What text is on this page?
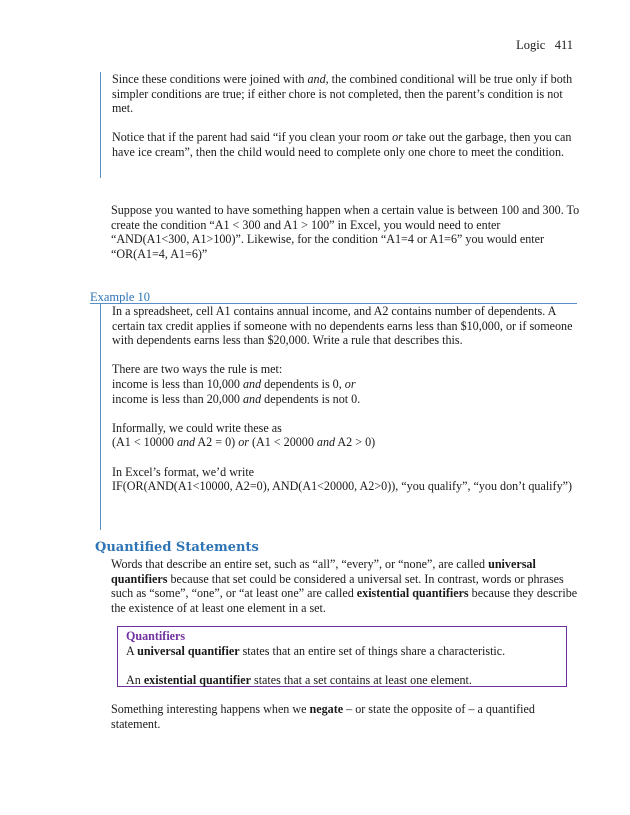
Logic 411

Since these conditions were joined with and, the combined conditional will be true only if both simpler conditions are true; if either chore is not completed, then the parent’s condition is not met.

Notice that if the parent had said “if you clean your room or take out the garbage, then you can have ice cream”, then the child would need to complete only one chore to meet the condition.

Suppose you wanted to have something happen when a certain value is between 100 and 300. To create the condition “A1 < 300 and A1 > 100” in Excel, you would need to enter “AND(A1<300, A1>100)”. Likewise, for the condition “A1=4 or A1=6” you would enter “OR(A1=4, A1=6)”

Example 10

In a spreadsheet, cell A1 contains annual income, and A2 contains number of dependents. A certain tax credit applies if someone with no dependents earns less than $10,000, or if someone with dependents earns less than $20,000. Write a rule that describes this.

There are two ways the rule is met:

income is less than 10,000 and dependents is 0, or

income is less than 20,000 and dependents is not 0.

Informally, we could write these as

(A1 < 10000 and A2 = 0) or (A1 < 20000 and A2 > 0)

In Excel’s format, we’d write

IF(OR(AND(A1<10000, A2=0), AND(A1<20000, A2>0)), “you qualify”, “you don’t qualify”)

Quantified Statements

Words that describe an entire set, such as “all”, “every”, or “none”, are called universal quantifiers because that set could be considered a universal set. In contrast, words or phrases such as “some”, “one”, or “at least one” are called existential quantifiers because they describe the existence of at least one element in a set.

Quantifiers

A universal quantifier states that an entire set of things share a characteristic.

An existential quantifier states that a set contains at least one element.

Something interesting happens when we negate – or state the opposite of – a quantified statement.
